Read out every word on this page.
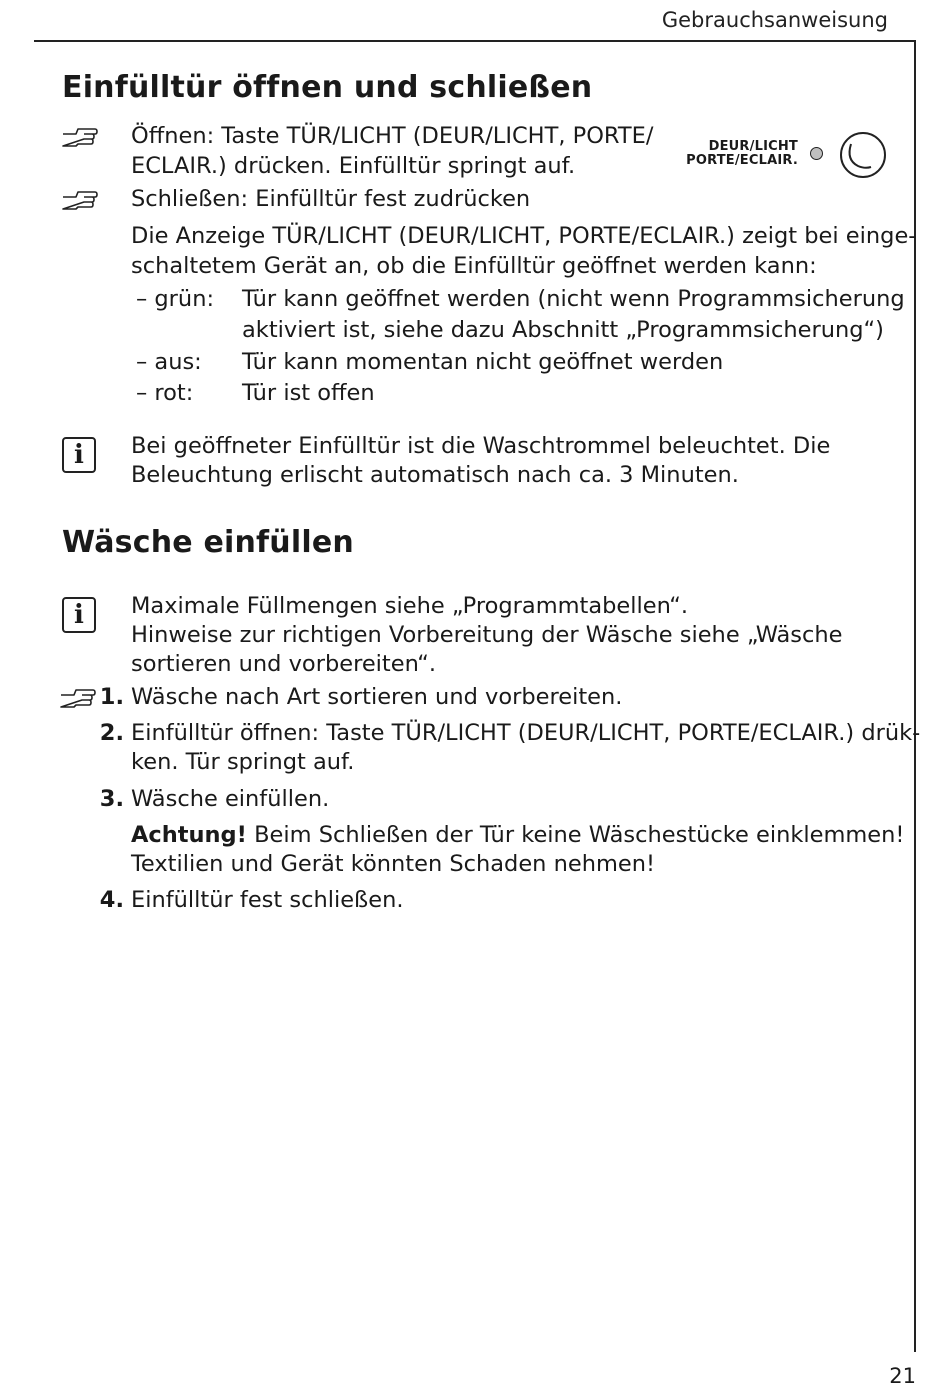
Gebrauchsanweisung
Einfülltür öffnen und schließen
Öffnen: Taste TÜR/LICHT (DEUR/LICHT, PORTE/
ECLAIR.) drücken. Einfülltür springt auf.
Schließen: Einfülltür fest zudrücken
DEUR/LICHT
PORTE/ECLAIR.
Die Anzeige TÜR/LICHT (DEUR/LICHT, PORTE/ECLAIR.) zeigt bei einge-
schaltetem Gerät an, ob die Einfülltür geöffnet werden kann:
– grün: Tür kann geöffnet werden (nicht wenn Programmsicherung
aktiviert ist, siehe dazu Abschnitt „Programmsicherung“)
– aus: Tür kann momentan nicht geöffnet werden
– rot: Tür ist offen
i	Bei geöffneter Einfülltür ist die Waschtrommel beleuchtet. Die
Beleuchtung erlischt automatisch nach ca. 3 Minuten.
Wäsche einfüllen
i	Maximale Füllmengen siehe „Programmtabellen“.
Hinweise zur richtigen Vorbereitung der Wäsche siehe „Wäsche
sortieren und vorbereiten“.
1. Wäsche nach Art sortieren und vorbereiten.
2. Einfülltür öffnen: Taste TÜR/LICHT (DEUR/LICHT, PORTE/ECLAIR.) drük-
ken. Tür springt auf.
3. Wäsche einfüllen.
Achtung! Beim Schließen der Tür keine Wäschestücke einklemmen!
Textilien und Gerät könnten Schaden nehmen!
4. Einfülltür fest schließen.
21
